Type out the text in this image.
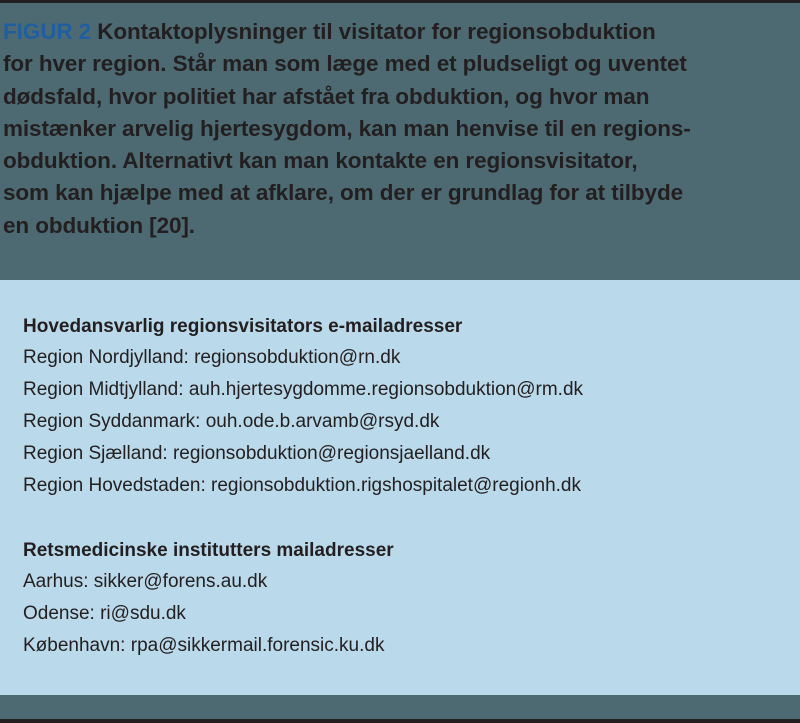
FIGUR 2 Kontaktoplysninger til visitator for regionsobduktion
for hver region. Står man som læge med et pludseligt og uventet
dødsfald, hvor politiet har afstået fra obduktion, og hvor man
mistænker arvelig hjertesygdom, kan man henvise til en regions-
obduktion. Alternativt kan man kontakte en regionsvisitator,
som kan hjælpe med at afklare, om der er grundlag for at tilbyde
en obduktion [20].
Hovedansvarlig regionsvisitators e-mailadresser
Region Nordjylland: regionsobduktion@rn.dk
Region Midtjylland: auh.hjertesygdomme.regionsobduktion@rm.dk
Region Syddanmark: ouh.ode.b.arvamb@rsyd.dk
Region Sjælland: regionsobduktion@regionsjaelland.dk
Region Hovedstaden: regionsobduktion.rigshospitalet@regionh.dk
Retsmedicinske institutters mailadresser
Aarhus: sikker@forens.au.dk
Odense: ri@sdu.dk
København: rpa@sikkermail.forensic.ku.dk
